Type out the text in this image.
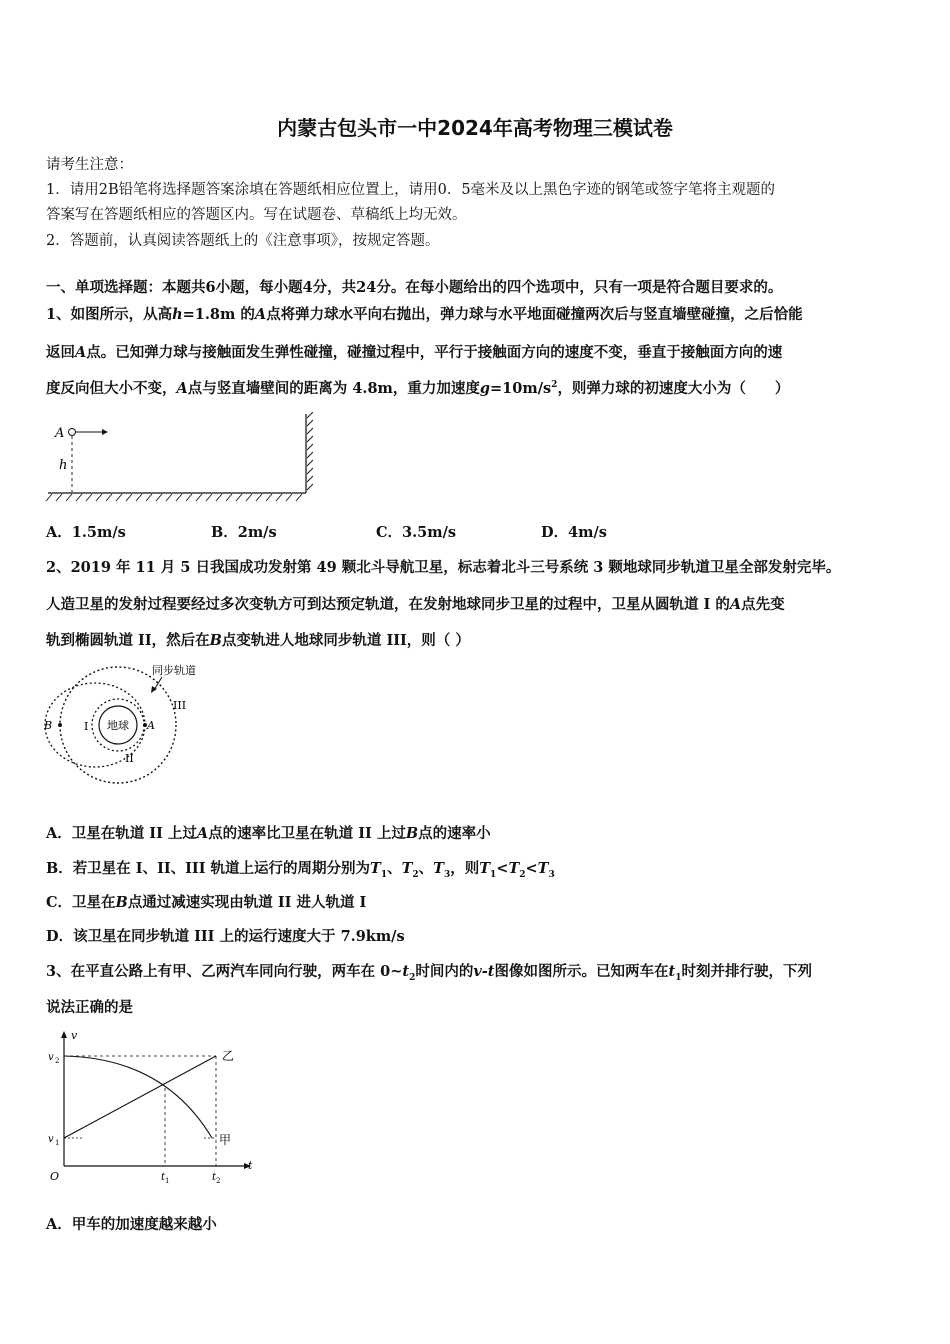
内蒙古包头市一中2024年高考物理三模试卷
请考生注意：
1．请用2B铅笔将选择题答案涂填在答题纸相应位置上，请用0．5毫米及以上黑色字迹的钢笔或签字笔将主观题的
答案写在答题纸相应的答题区内。写在试题卷、草稿纸上均无效。
2．答题前，认真阅读答题纸上的《注意事项》，按规定答题。
一、单项选择题：本题共6小题，每小题4分，共24分。在每小题给出的四个选项中，只有一项是符合题目要求的。
1、如图所示，从高h=1.8m 的A点将弹力球水平向右抛出，弹力球与水平地面碰撞两次后与竖直墙壁碰撞，之后恰能
返回A点。已知弹力球与接触面发生弹性碰撞，碰撞过程中，平行于接触面方向的速度不变，垂直于接触面方向的速
度反向但大小不变，A点与竖直墙壁间的距离为 4.8m，重力加速度$g=10m/s^2$，则弹力球的初速度大小为（　　）
A
h
A．1.5m/s	B．2m/s	C．3.5m/s	D．4m/s
2、2019 年 11 月 5 日我国成功发射第 49 颗北斗导航卫星，标志着北斗三号系统 3 颗地球同步轨道卫星全部发射完毕。
人造卫星的发射过程要经过多次变轨方可到达预定轨道，在发射地球同步卫星的过程中，卫星从圆轨道 I 的A点先变
轨到椭圆轨道 II，然后在B点变轨进人地球同步轨道 III，则（ ）
地球 A
B	I
II
III
同步轨道
A．卫星在轨道 II 上过A点的速率比卫星在轨道 II 上过B点的速率小
B．若卫星在 I、II、III 轨道上运行的周期分别为$T_1$、$T_2$、$T_3$，则$T_1<T_2<T_3$
C．卫星在B点通过减速实现由轨道 II 进人轨道 I
D．该卫星在同步轨道 III 上的运行速度大于 7.9km/s
3、在平直公路上有甲、乙两汽车同向行驶，两车在 $0\sim t_2$时间内的v-t图像如图所示。已知两车在$t_1$时刻并排行驶，下列
说法正确的是
v
v 2
v 1
O
t
t 1	t 2
乙
甲
A．甲车的加速度越来越小
